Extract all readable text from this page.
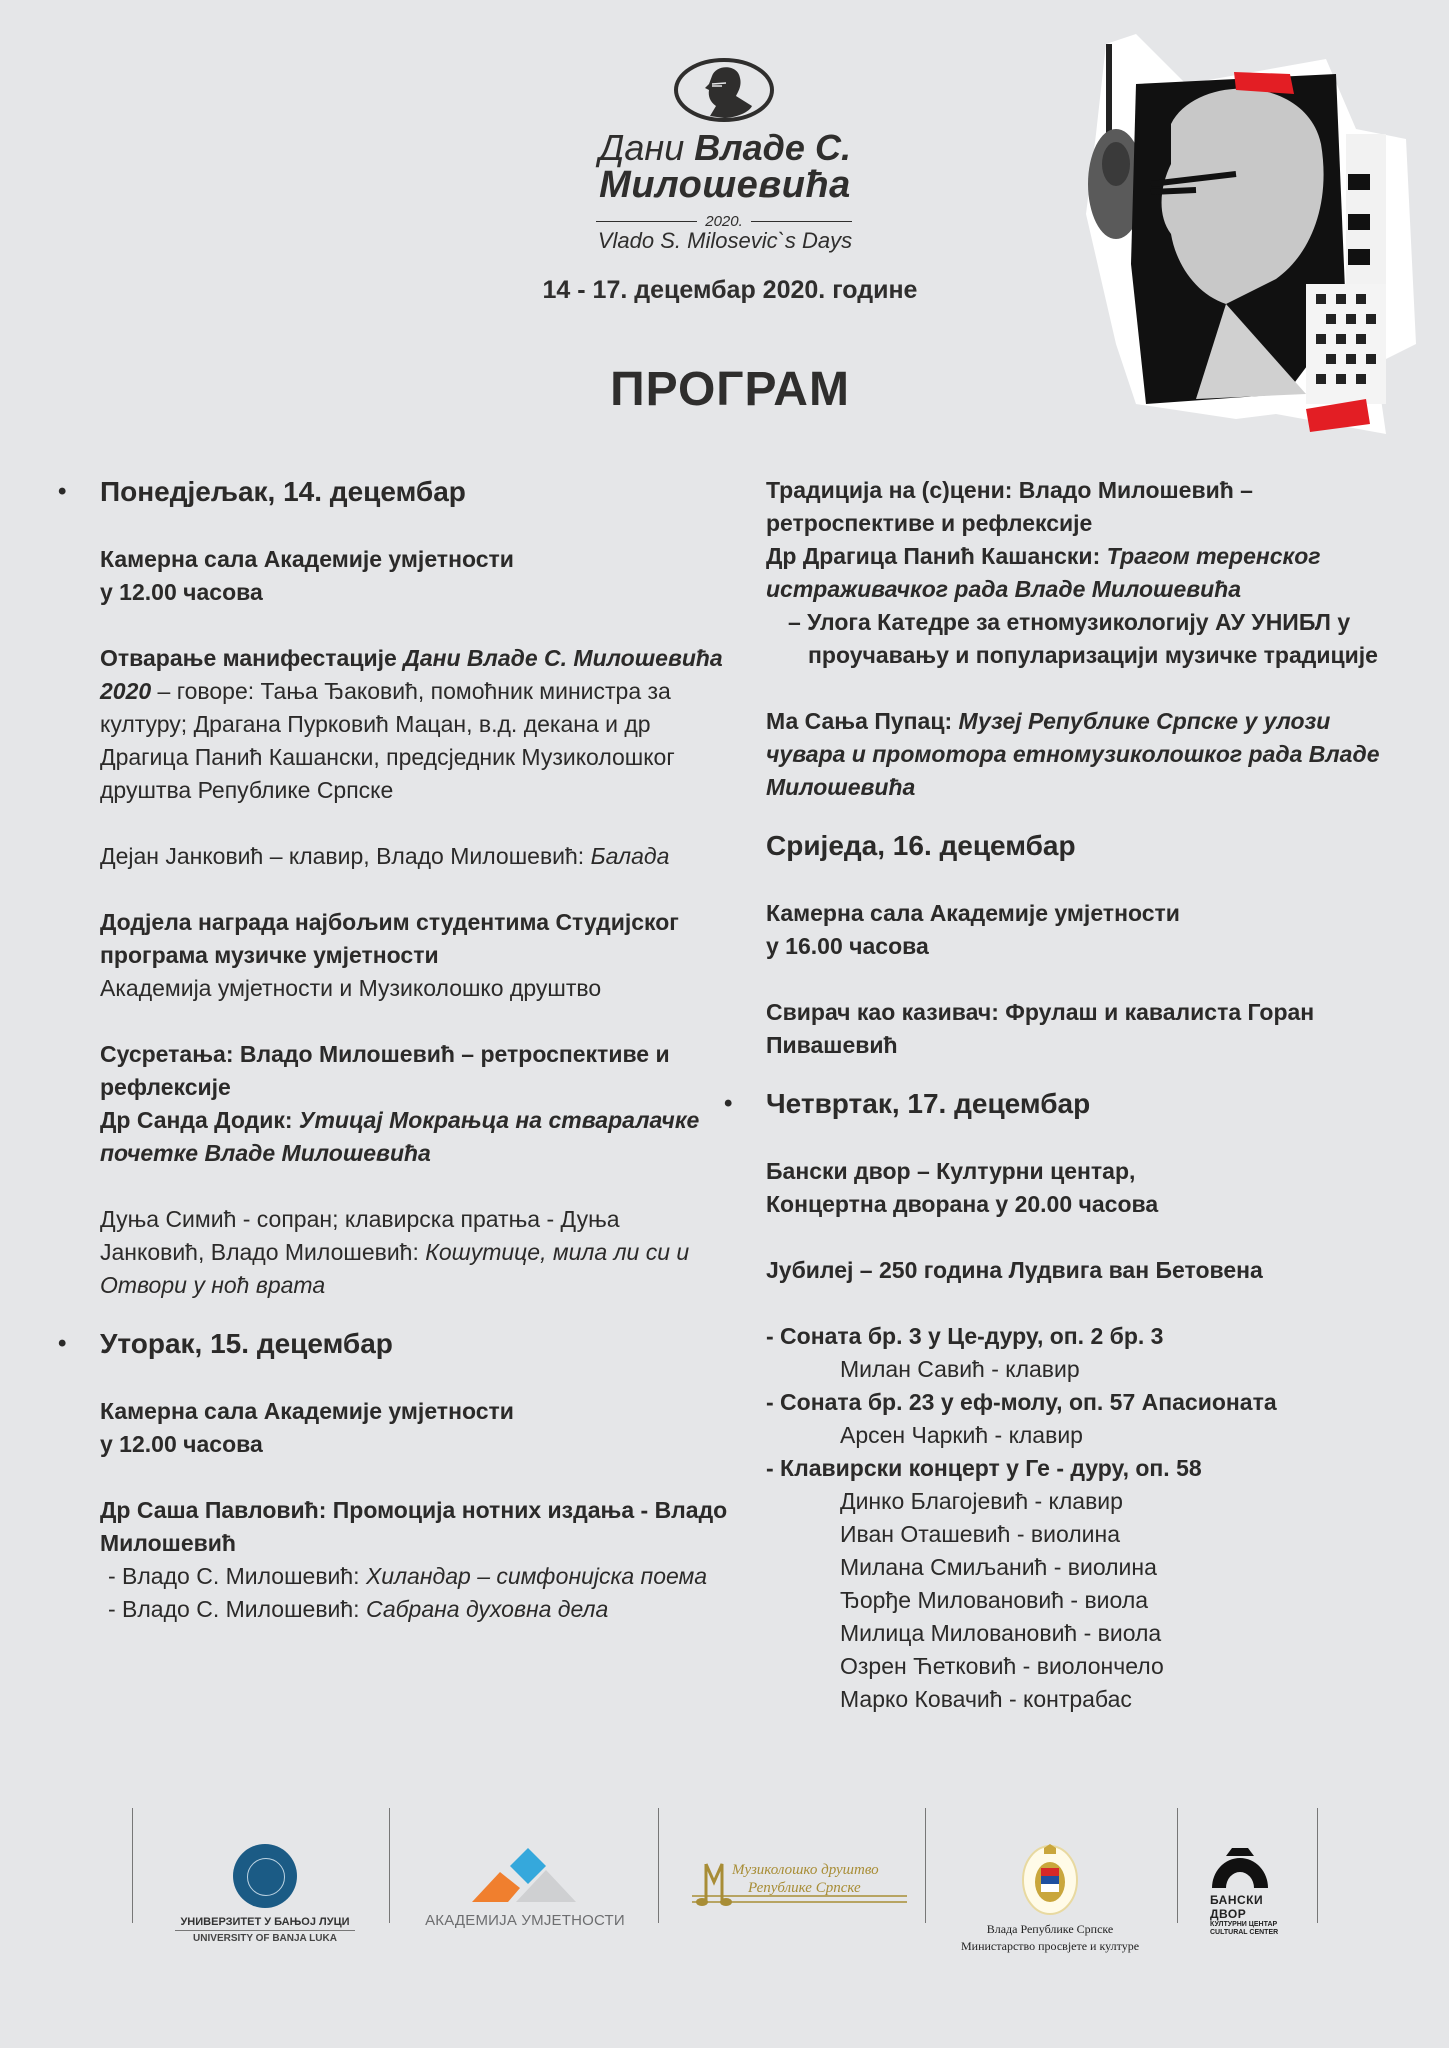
Дани Владе С.
Милошевића
2020.
Vlado S. Milosevic`s Days
14 - 17. децембар 2020. године
ПРОГРАМ
• Понедјељак, 14. децембар
Камерна сала Академије умјетности
у 12.00 часова
Отварање манифестације Дани Владе С. Милошевића 2020 – говоре: Тања Ђаковић, помоћник министра за културу; Драгана Пурковић Мацан, в.д. декана и др Драгица Панић Кашански, предсједник Музиколошког друштва Републике Српске
Дејан Јанковић – клавир, Владо Милошевић: Балада
Додјела награда најбољим студентима Студијског програма музичке умјетности
Академија умјетности и Музиколошко друштво
Сусретања: Владо Милошевић – ретроспективе и рефлексије
Др Санда Додик: Утицај Мокрањца на стваралачке почетке Владе Милошевића
Дуња Симић - сопран; клавирска пратња - Дуња Јанковић, Владо Милошевић: Кошутице, мила ли си и Отвори у ноћ врата
• Уторак, 15. децембар
Камерна сала Академије умјетности
у 12.00 часова
Др Саша Павловић: Промоција нотних издања - Владо Милошевић
- Владо С. Милошевић: Хиландар – симфонијска поема
- Владо С. Милошевић: Сабрана духовна дела
Традиција на (с)цени: Владо Милошевић – ретроспективе и рефлексије
Др Драгица Панић Кашански: Трагом теренског истраживачког рада Владе Милошевића
– Улога Катедре за етномузикологију АУ УНИБЛ у проучавању и популаризацији музичке традиције
Ма Сања Пупац: Музеј Републике Српске у улози чувара и промотора етномузиколошког рада Владе Милошевића
Сриједа, 16. децембар
Камерна сала Академије умјетности
у 16.00 часова
Свирач као казивач: Фрулаш и кавалиста Горан Пивашевић
• Четвртак, 17. децембар
Бански двор – Културни центар,
Концертна дворана у 20.00 часова
Јубилеј – 250 година Лудвига ван Бетовена
- Соната бр. 3 у Це-дуру, оп. 2 бр. 3
Милан Савић - клавир
- Соната бр. 23 у еф-молу, оп. 57 Апасионата
Арсен Чаркић - клавир
- Клавирски концерт у Ге - дуру, оп. 58
Динко Благојевић - клавир
Иван Оташевић - виолина
Милана Смиљанић - виолина
Ђорђе Миловановић - виола
Милица Миловановић - виола
Озрен Ћетковић - виолончело
Марко Ковачић - контрабас
УНИВЕРЗИТЕТ У БАЊОЈ ЛУЦИ
UNIVERSITY OF BANJA LUKA
АКАДЕМИЈА УМЈЕТНОСТИ
Музиколошко друштво
Републике Српске
Влада Републике Српске
Министарство просвјете и културе
БАНСКИ ДВОР
КУЛТУРНИ ЦЕНТАР
CULTURAL CENTER
